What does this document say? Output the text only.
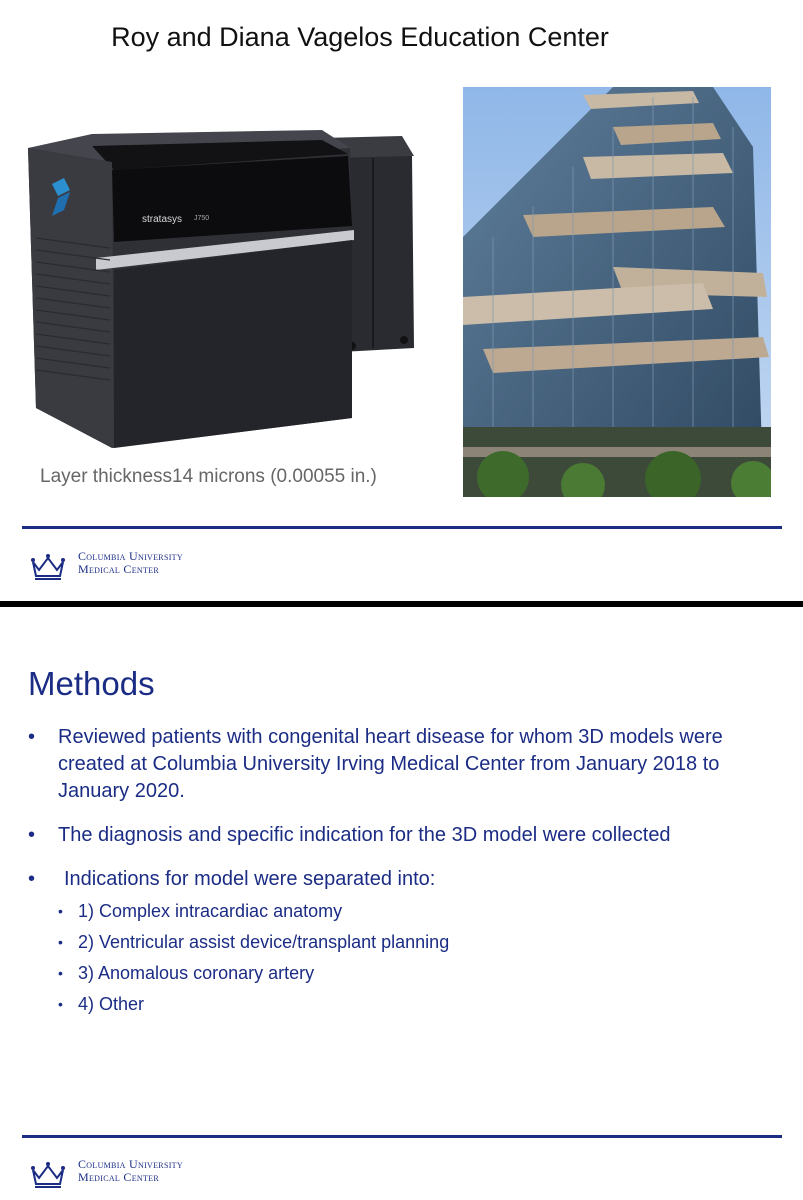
Roy and Diana Vagelos Education Center
stratasys J750
Layer thickness14 microns (0.00055 in.)
Columbia University
Medical Center
Methods
• Reviewed patients with congenital heart disease for whom 3D models were created at Columbia University Irving Medical Center from January 2018 to January 2020.
• The diagnosis and specific indication for the 3D model were collected
• Indications for model were separated into:
• 1) Complex intracardiac anatomy
• 2) Ventricular assist device/transplant planning
• 3) Anomalous coronary artery
• 4) Other
Columbia University
Medical Center
